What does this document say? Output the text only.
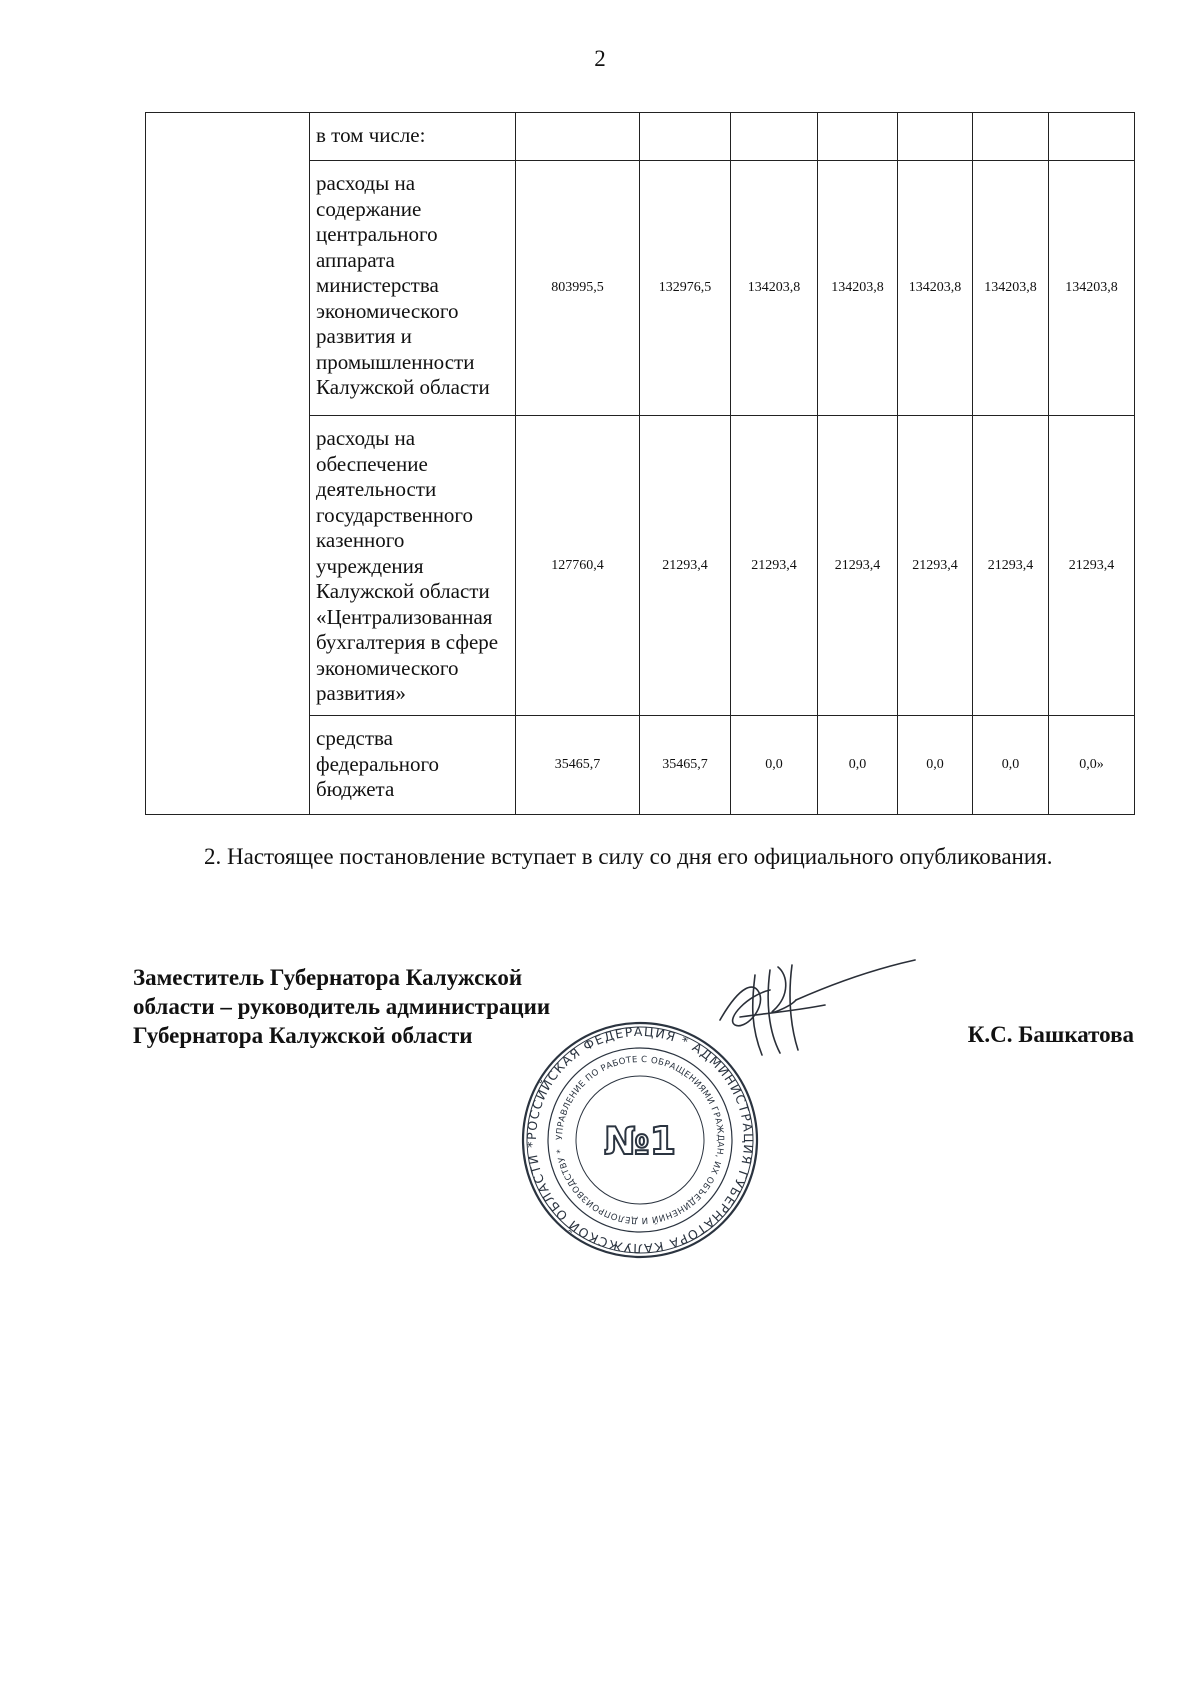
2
	в том числе:							
	расходы на содержание центрального аппарата министерства экономического развития и промышленности Калужской области	803995,5	132976,5	134203,8	134203,8	134203,8	134203,8	134203,8
	расходы на обеспечение деятельности государственного казенного учреждения Калужской области «Централизованная бухгалтерия в сфере экономического развития»	127760,4	21293,4	21293,4	21293,4	21293,4	21293,4	21293,4
	средства федерального бюджета	35465,7	35465,7	0,0	0,0	0,0	0,0	0,0»
2. Настоящее постановление вступает в силу со дня его официального опубликования.
Заместитель Губернатора Калужской
области – руководитель администрации
Губернатора Калужской области
РОССИЙСКАЯ ФЕДЕРАЦИЯ * АДМИНИСТРАЦИЯ ГУБЕРНАТОРА КАЛУЖСКОЙ ОБЛАСТИ *
УПРАВЛЕНИЕ ПО РАБОТЕ С ОБРАЩЕНИЯМИ ГРАЖДАН, ИХ ОБЪЕДИНЕНИЙ И ДЕЛОПРОИЗВОДСТВУ * №1
К.С. Башкатова
